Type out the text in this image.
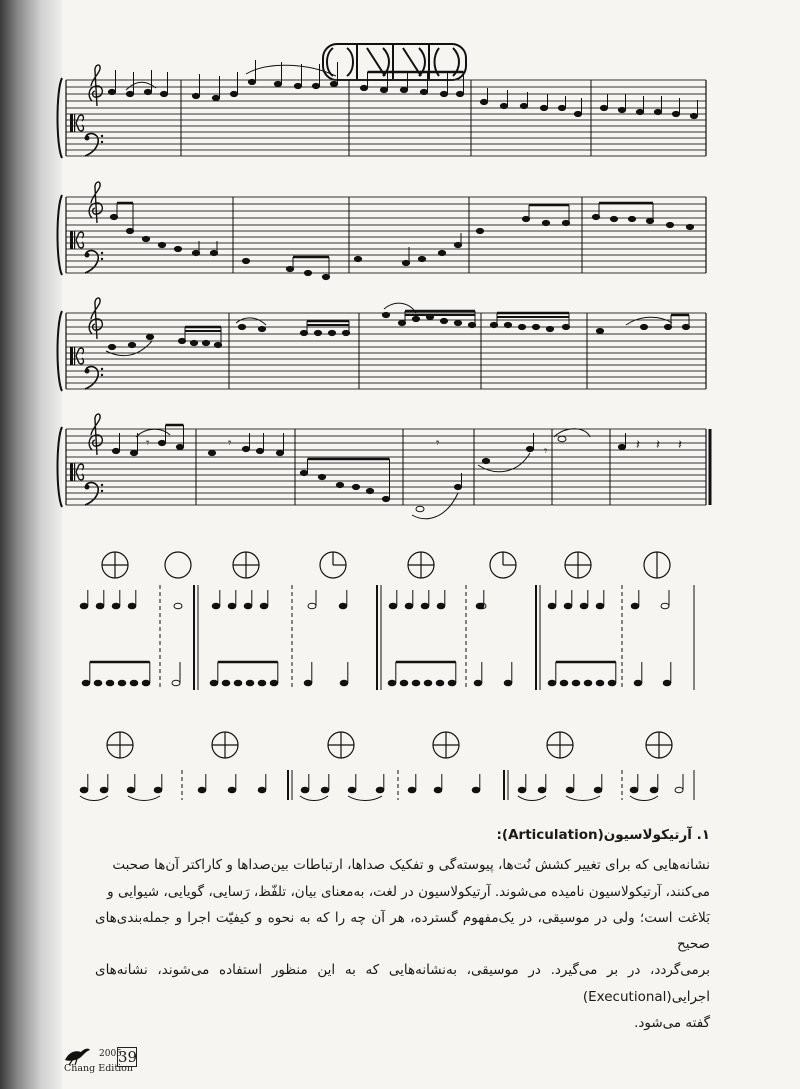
𝄾	𝄾	𝄾
𝄾	𝄽 𝄽 𝄽
۱. آرتیکولاسیون(Articulation):

نشانه‌هایی که برای تغییر کشش نُت‌ها، پیوسته‌گی و تفکیک صداها، ارتباطات بین‌صداها و کاراکتر آن‌ها صحبت

می‌کنند، آرتیکولاسیون نامیده می‌شوند. آرتیکولاسیون در لغت، به‌معنای بیان، تلفّظ، رَسایی، گویایی، شیوایی و

بَلاغت است؛ ولی در موسیقی، در یک‌مفهوم گسترده، هر آن چه را که به نحوه و کیفیّت اجرا و جمله‌بندی‌های صحیح

برمی‌گردد، در بر می‌گیرد. در موسیقی، به‌نشانه‌هایی که به این منظور استفاده می‌شوند، نشانه‌های اجرایی(Executional)

گفته می‌شود.

Chang Edition
2005
39
